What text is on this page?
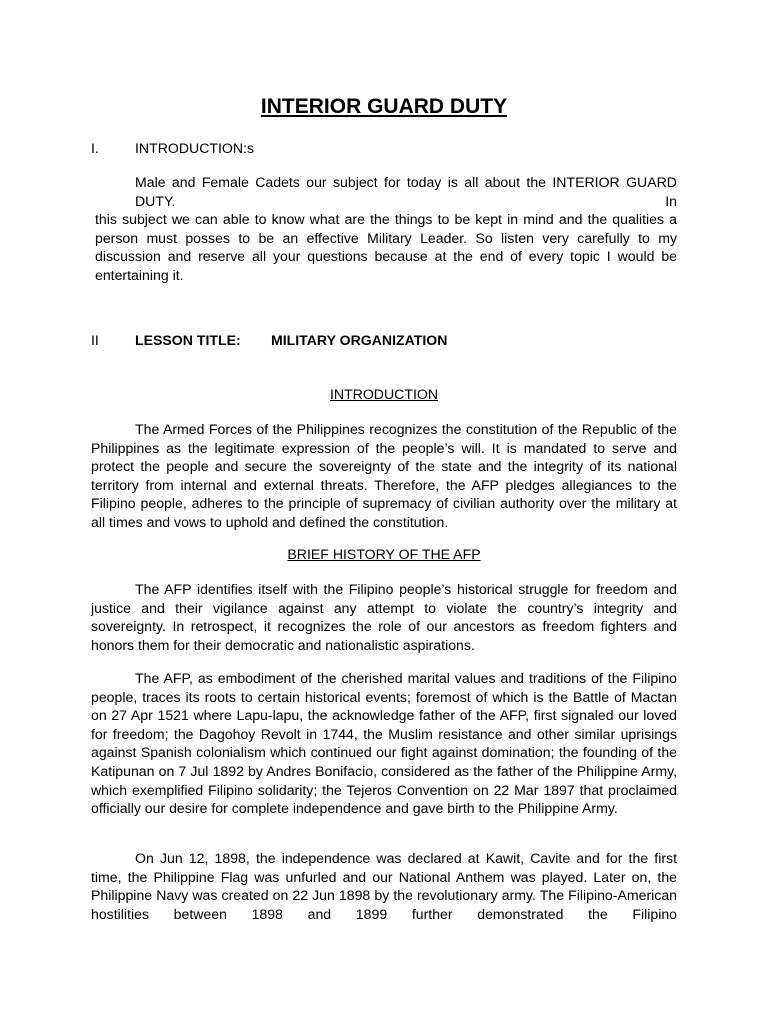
INTERIOR GUARD DUTY
I.	INTRODUCTION:s

Male and Female Cadets our subject for today is all about the INTERIOR GUARD DUTY. In

this subject we can able to know what are the things to be kept in mind and the qualities a person must posses to be an effective Military Leader. So listen very carefully to my discussion and reserve all your questions because at the end of every topic I would be entertaining it.

II	LESSON TITLE: MILITARY ORGANIZATION
INTRODUCTION

The Armed Forces of the Philippines recognizes the constitution of the Republic of the Philippines as the legitimate expression of the people’s will. It is mandated to serve and protect the people and secure the sovereignty of the state and the integrity of its national territory from internal and external threats. Therefore, the AFP pledges allegiances to the Filipino people, adheres to the principle of supremacy of civilian authority over the military at all times and vows to uphold and defined the constitution.

BRIEF HISTORY OF THE AFP

The AFP identifies itself with the Filipino people’s historical struggle for freedom and justice and their vigilance against any attempt to violate the country’s integrity and sovereignty. In retrospect, it recognizes the role of our ancestors as freedom fighters and honors them for their democratic and nationalistic aspirations.

The AFP, as embodiment of the cherished marital values and traditions of the Filipino people, traces its roots to certain historical events; foremost of which is the Battle of Mactan on 27 Apr 1521 where Lapu-lapu, the acknowledge father of the AFP, first signaled our loved for freedom; the Dagohoy Revolt in 1744, the Muslim resistance and other similar uprisings against Spanish colonialism which continued our fight against domination; the founding of the Katipunan on 7 Jul 1892 by Andres Bonifacio, considered as the father of the Philippine Army, which exemplified Filipino solidarity; the Tejeros Convention on 22 Mar 1897 that proclaimed officially our desire for complete independence and gave birth to the Philippine Army.

On Jun 12, 1898, the independence was declared at Kawit, Cavite and for the first time, the Philippine Flag was unfurled and our National Anthem was played. Later on, the Philippine Navy was created on 22 Jun 1898 by the revolutionary army. The Filipino-American hostilities between 1898 and 1899 further demonstrated the Filipino
